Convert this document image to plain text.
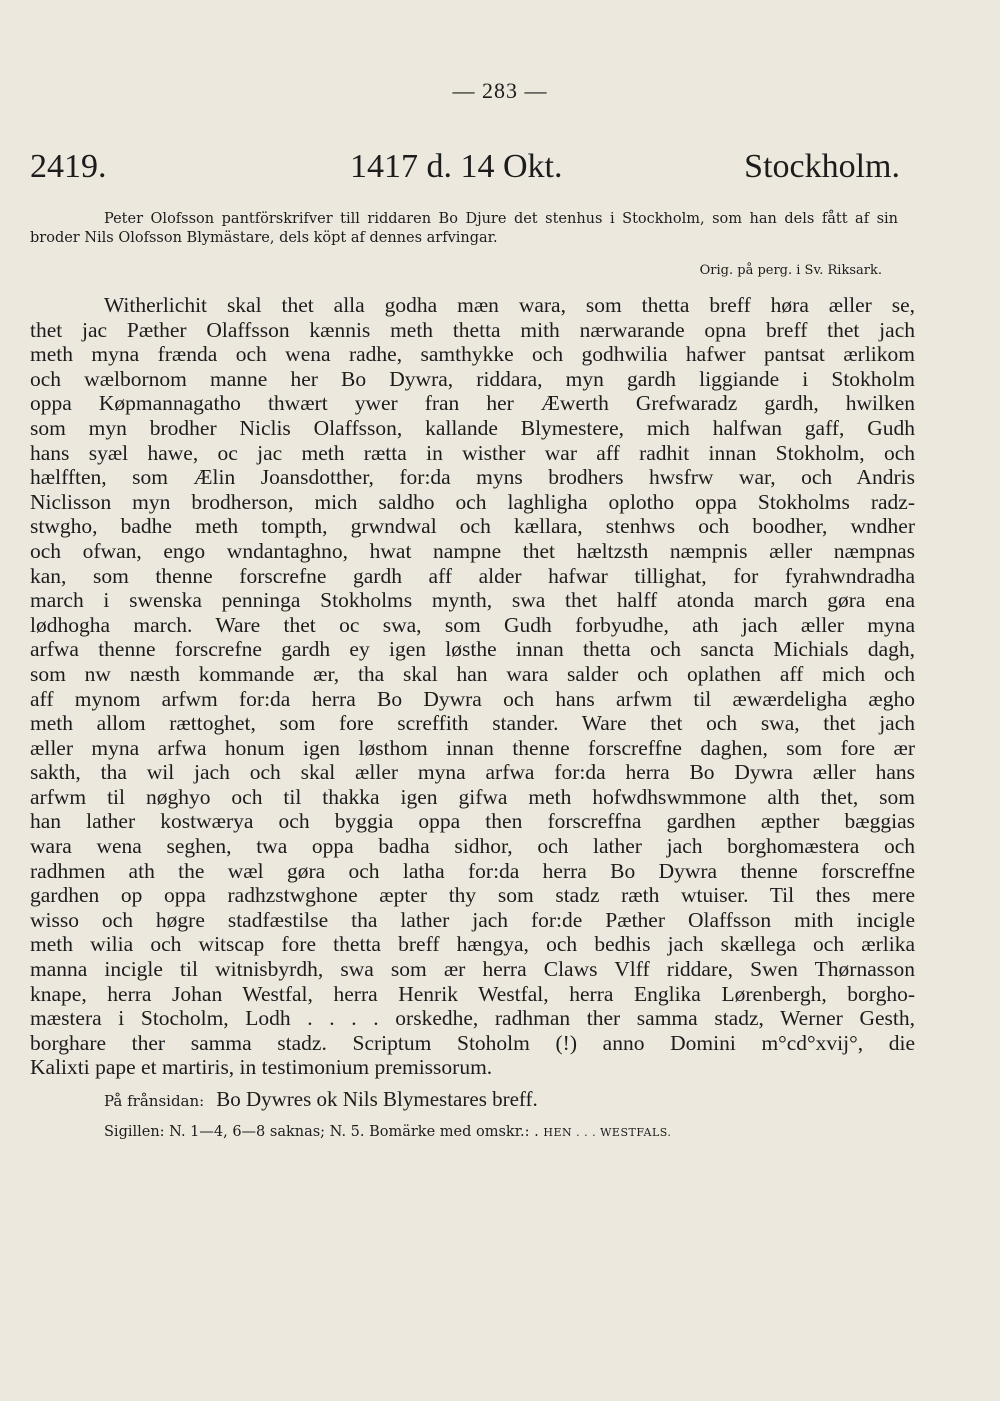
— 283 —
2419.	1417 d. 14 Okt.	Stockholm.
Peter Olofsson pantförskrifver till riddaren Bo Djure det stenhus i Stockholm, som han dels fått af sin broder Nils Olofsson Blymästare, dels köpt af dennes arfvingar.
Orig. på perg. i Sv. Riksark.
Witherlichit skal thet alla godha mæn wara, som thetta breff høra æller se,
thet jac Pæther Olaffsson kænnis meth thetta mith nærwarande opna breff thet jach
meth myna frænda och wena radhe, samthykke och godhwilia hafwer pantsat ærlikom
och wælbornom manne her Bo Dywra, riddara, myn gardh liggiande i Stokholm
oppa Køpmannagatho thwært ywer fran her Æwerth Grefwaradz gardh, hwilken
som myn brodher Niclis Olaffsson, kallande Blymestere, mich halfwan gaff, Gudh
hans syæl hawe, oc jac meth rætta in wisther war aff radhit innan Stokholm, och
hælfften, som Ælin Joansdotther, for:da myns brodhers hwsfrw war, och Andris
Niclisson myn brodherson, mich saldho och laghligha oplotho oppa Stokholms radz-
stwgho, badhe meth tompth, grwndwal och kællara, stenhws och boodher, wndher
och ofwan, engo wndantaghno, hwat nampne thet hæltzsth næmpnis æller næmpnas
kan, som thenne forscrefne gardh aff alder hafwar tillighat, for fyrahwndradha
march i swenska penninga Stokholms mynth, swa thet halff atonda march gøra ena
lødhogha march. Ware thet oc swa, som Gudh forbyudhe, ath jach æller myna
arfwa thenne forscrefne gardh ey igen løsthe innan thetta och sancta Michials dagh,
som nw næsth kommande ær, tha skal han wara salder och oplathen aff mich och
aff mynom arfwm for:da herra Bo Dywra och hans arfwm til æwærdeligha ægho
meth allom rættoghet, som fore screffith stander. Ware thet och swa, thet jach
æller myna arfwa honum igen løsthom innan thenne forscreffne daghen, som fore ær
sakth, tha wil jach och skal æller myna arfwa for:da herra Bo Dywra æller hans
arfwm til nøghyo och til thakka igen gifwa meth hofwdhswmmone alth thet, som
han lather kostwærya och byggia oppa then forscreffna gardhen æpther bæggias
wara wena seghen, twa oppa badha sidhor, och lather jach borghomæstera och
radhmen ath the wæl gøra och latha for:da herra Bo Dywra thenne forscreffne
gardhen op oppa radhzstwghone æpter thy som stadz ræth wtuiser. Til thes mere
wisso och høgre stadfæstilse tha lather jach for:de Pæther Olaffsson mith incigle
meth wilia och witscap fore thetta breff hængya, och bedhis jach skællega och ærlika
manna incigle til witnisbyrdh, swa som ær herra Claws Vlff riddare, Swen Thørnasson
knape, herra Johan Westfal, herra Henrik Westfal, herra Englika Lørenbergh, borgho-
mæstera i Stocholm, Lodh . . . . orskedhe, radhman ther samma stadz, Werner Gesth,
borghare ther samma stadz. Scriptum Stoholm (!) anno Domini m°cd°xvij°, die
Kalixti pape et martiris, in testimonium premissorum.
På frånsidan: Bo Dywres ok Nils Blymestares breff.
Sigillen: N. 1—4, 6—8 saknas; N. 5. Bomärke med omskr.: . HEN . . . WESTFALS.
